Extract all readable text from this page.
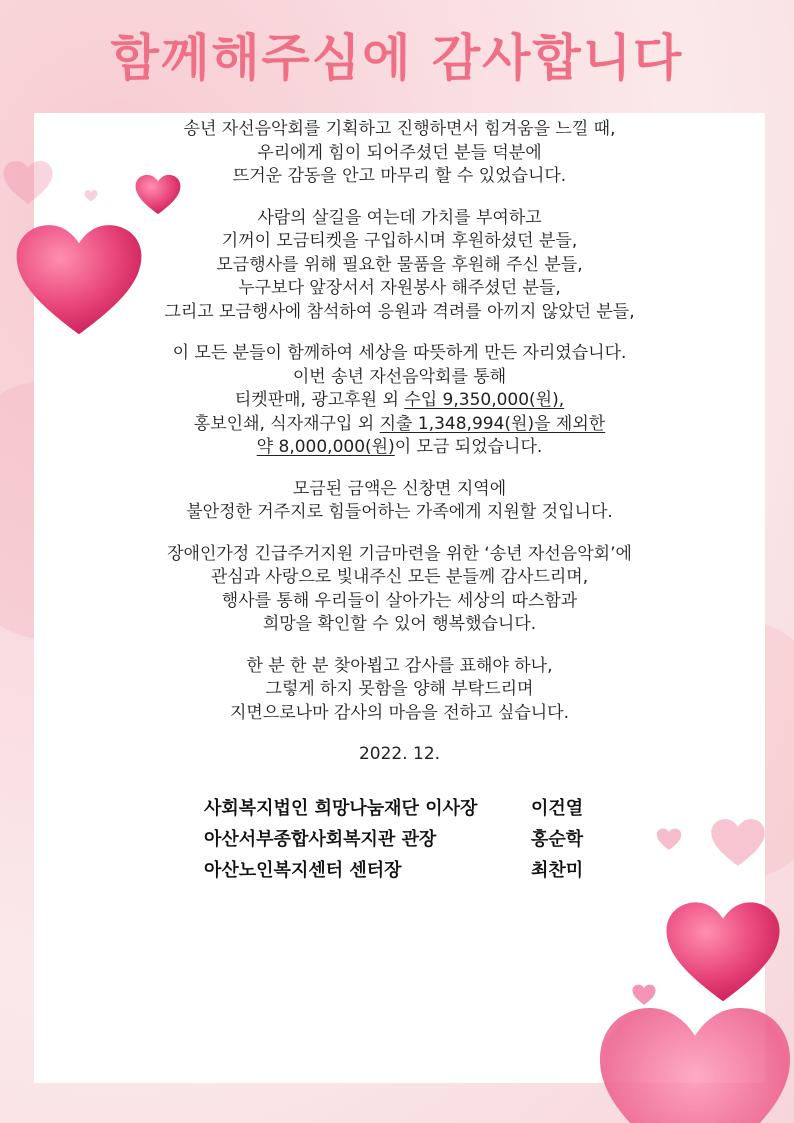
함께해주심에 감사합니다
송년 자선음악회를 기획하고 진행하면서 힘겨움을 느낄 때,
우리에게 힘이 되어주셨던 분들 덕분에
뜨거운 감동을 안고 마무리 할 수 있었습니다.
사람의 살길을 여는데 가치를 부여하고
기꺼이 모금티켓을 구입하시며 후원하셨던 분들,
모금행사를 위해 필요한 물품을 후원해 주신 분들,
누구보다 앞장서서 자원봉사 해주셨던 분들,
그리고 모금행사에 참석하여 응원과 격려를 아끼지 않았던 분들,
이 모든 분들이 함께하여 세상을 따뜻하게 만든 자리였습니다.
이번 송년 자선음악회를 통해
티켓판매, 광고후원 외 수입 9,350,000(원),
홍보인쇄, 식자재구입 외 지출 1,348,994(원)을 제외한
약 8,000,000(원)이 모금 되었습니다.
모금된 금액은 신창면 지역에
불안정한 거주지로 힘들어하는 가족에게 지원할 것입니다.
장애인가정 긴급주거지원 기금마련을 위한 ‘송년 자선음악회’에
관심과 사랑으로 빛내주신 모든 분들께 감사드리며,
행사를 통해 우리들이 살아가는 세상의 따스함과
희망을 확인할 수 있어 행복했습니다.
한 분 한 분 찾아뵙고 감사를 표해야 하나,
그렇게 하지 못함을 양해 부탁드리며
지면으로나마 감사의 마음을 전하고 싶습니다.
2022. 12.
사회복지법인 희망나눔재단 이사장	이건열
아산서부종합사회복지관 관장	홍순학
아산노인복지센터 센터장	최찬미
